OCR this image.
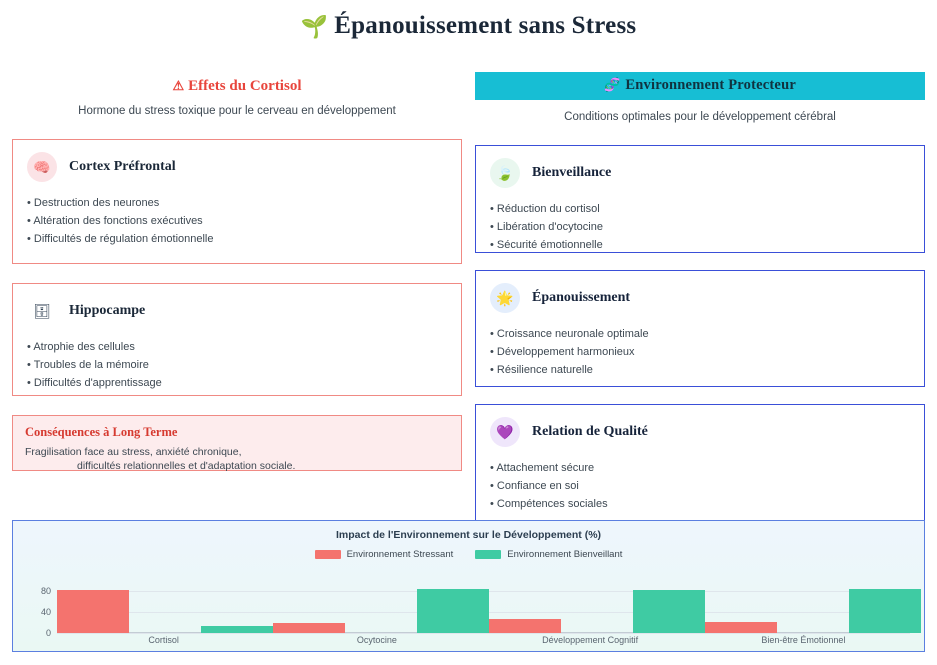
🌱 Épanouissement sans Stress
⚠ Effets du Cortisol
Hormone du stress toxique pour le cerveau en développement
🧠	Cortex Préfrontal
• Destruction des neurones
• Altération des fonctions exécutives
• Difficultés de régulation émotionnelle
🗄	Hippocampe
• Atrophie des cellules
• Troubles de la mémoire
• Difficultés d'apprentissage
Conséquences à Long Terme
Fragilisation face au stress, anxiété chronique,
difficultés relationnelles et d'adaptation sociale.
🧬 Environnement Protecteur
Conditions optimales pour le développement cérébral
🍃	Bienveillance
• Réduction du cortisol
• Libération d'ocytocine
• Sécurité émotionnelle
🌟	Épanouissement
• Croissance neuronale optimale
• Développement harmonieux
• Résilience naturelle
💜	Relation de Qualité
• Attachement sécure
• Confiance en soi
• Compétences sociales
Impact de l'Environnement sur le Développement (%)
Environnement Stressant	Environnement Bienveillant
0
40
80
Cortisol	Ocytocine	Développement Cognitif	Bien-être Émotionnel
